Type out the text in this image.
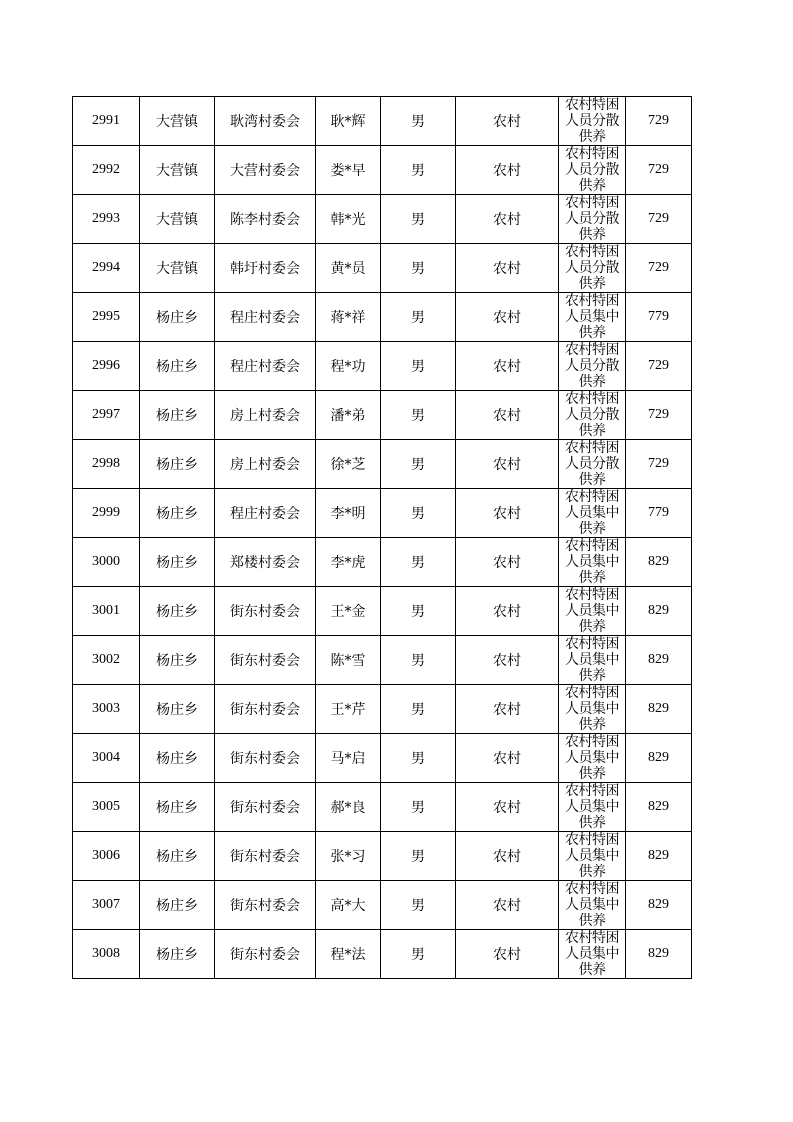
2991	大营镇	耿湾村委会	耿*辉	男	农村	农村特困
人员分散
供养	729
2992	大营镇	大营村委会	娄*早	男	农村	农村特困
人员分散
供养	729
2993	大营镇	陈李村委会	韩*光	男	农村	农村特困
人员分散
供养	729
2994	大营镇	韩圩村委会	黄*员	男	农村	农村特困
人员分散
供养	729
2995	杨庄乡	程庄村委会	蒋*祥	男	农村	农村特困
人员集中
供养	779
2996	杨庄乡	程庄村委会	程*功	男	农村	农村特困
人员分散
供养	729
2997	杨庄乡	房上村委会	潘*弟	男	农村	农村特困
人员分散
供养	729
2998	杨庄乡	房上村委会	徐*芝	男	农村	农村特困
人员分散
供养	729
2999	杨庄乡	程庄村委会	李*明	男	农村	农村特困
人员集中
供养	779
3000	杨庄乡	郑楼村委会	李*虎	男	农村	农村特困
人员集中
供养	829
3001	杨庄乡	街东村委会	王*金	男	农村	农村特困
人员集中
供养	829
3002	杨庄乡	街东村委会	陈*雪	男	农村	农村特困
人员集中
供养	829
3003	杨庄乡	街东村委会	王*芹	男	农村	农村特困
人员集中
供养	829
3004	杨庄乡	街东村委会	马*启	男	农村	农村特困
人员集中
供养	829
3005	杨庄乡	街东村委会	郝*良	男	农村	农村特困
人员集中
供养	829
3006	杨庄乡	街东村委会	张*习	男	农村	农村特困
人员集中
供养	829
3007	杨庄乡	街东村委会	高*大	男	农村	农村特困
人员集中
供养	829
3008	杨庄乡	街东村委会	程*法	男	农村	农村特困
人员集中
供养	829
